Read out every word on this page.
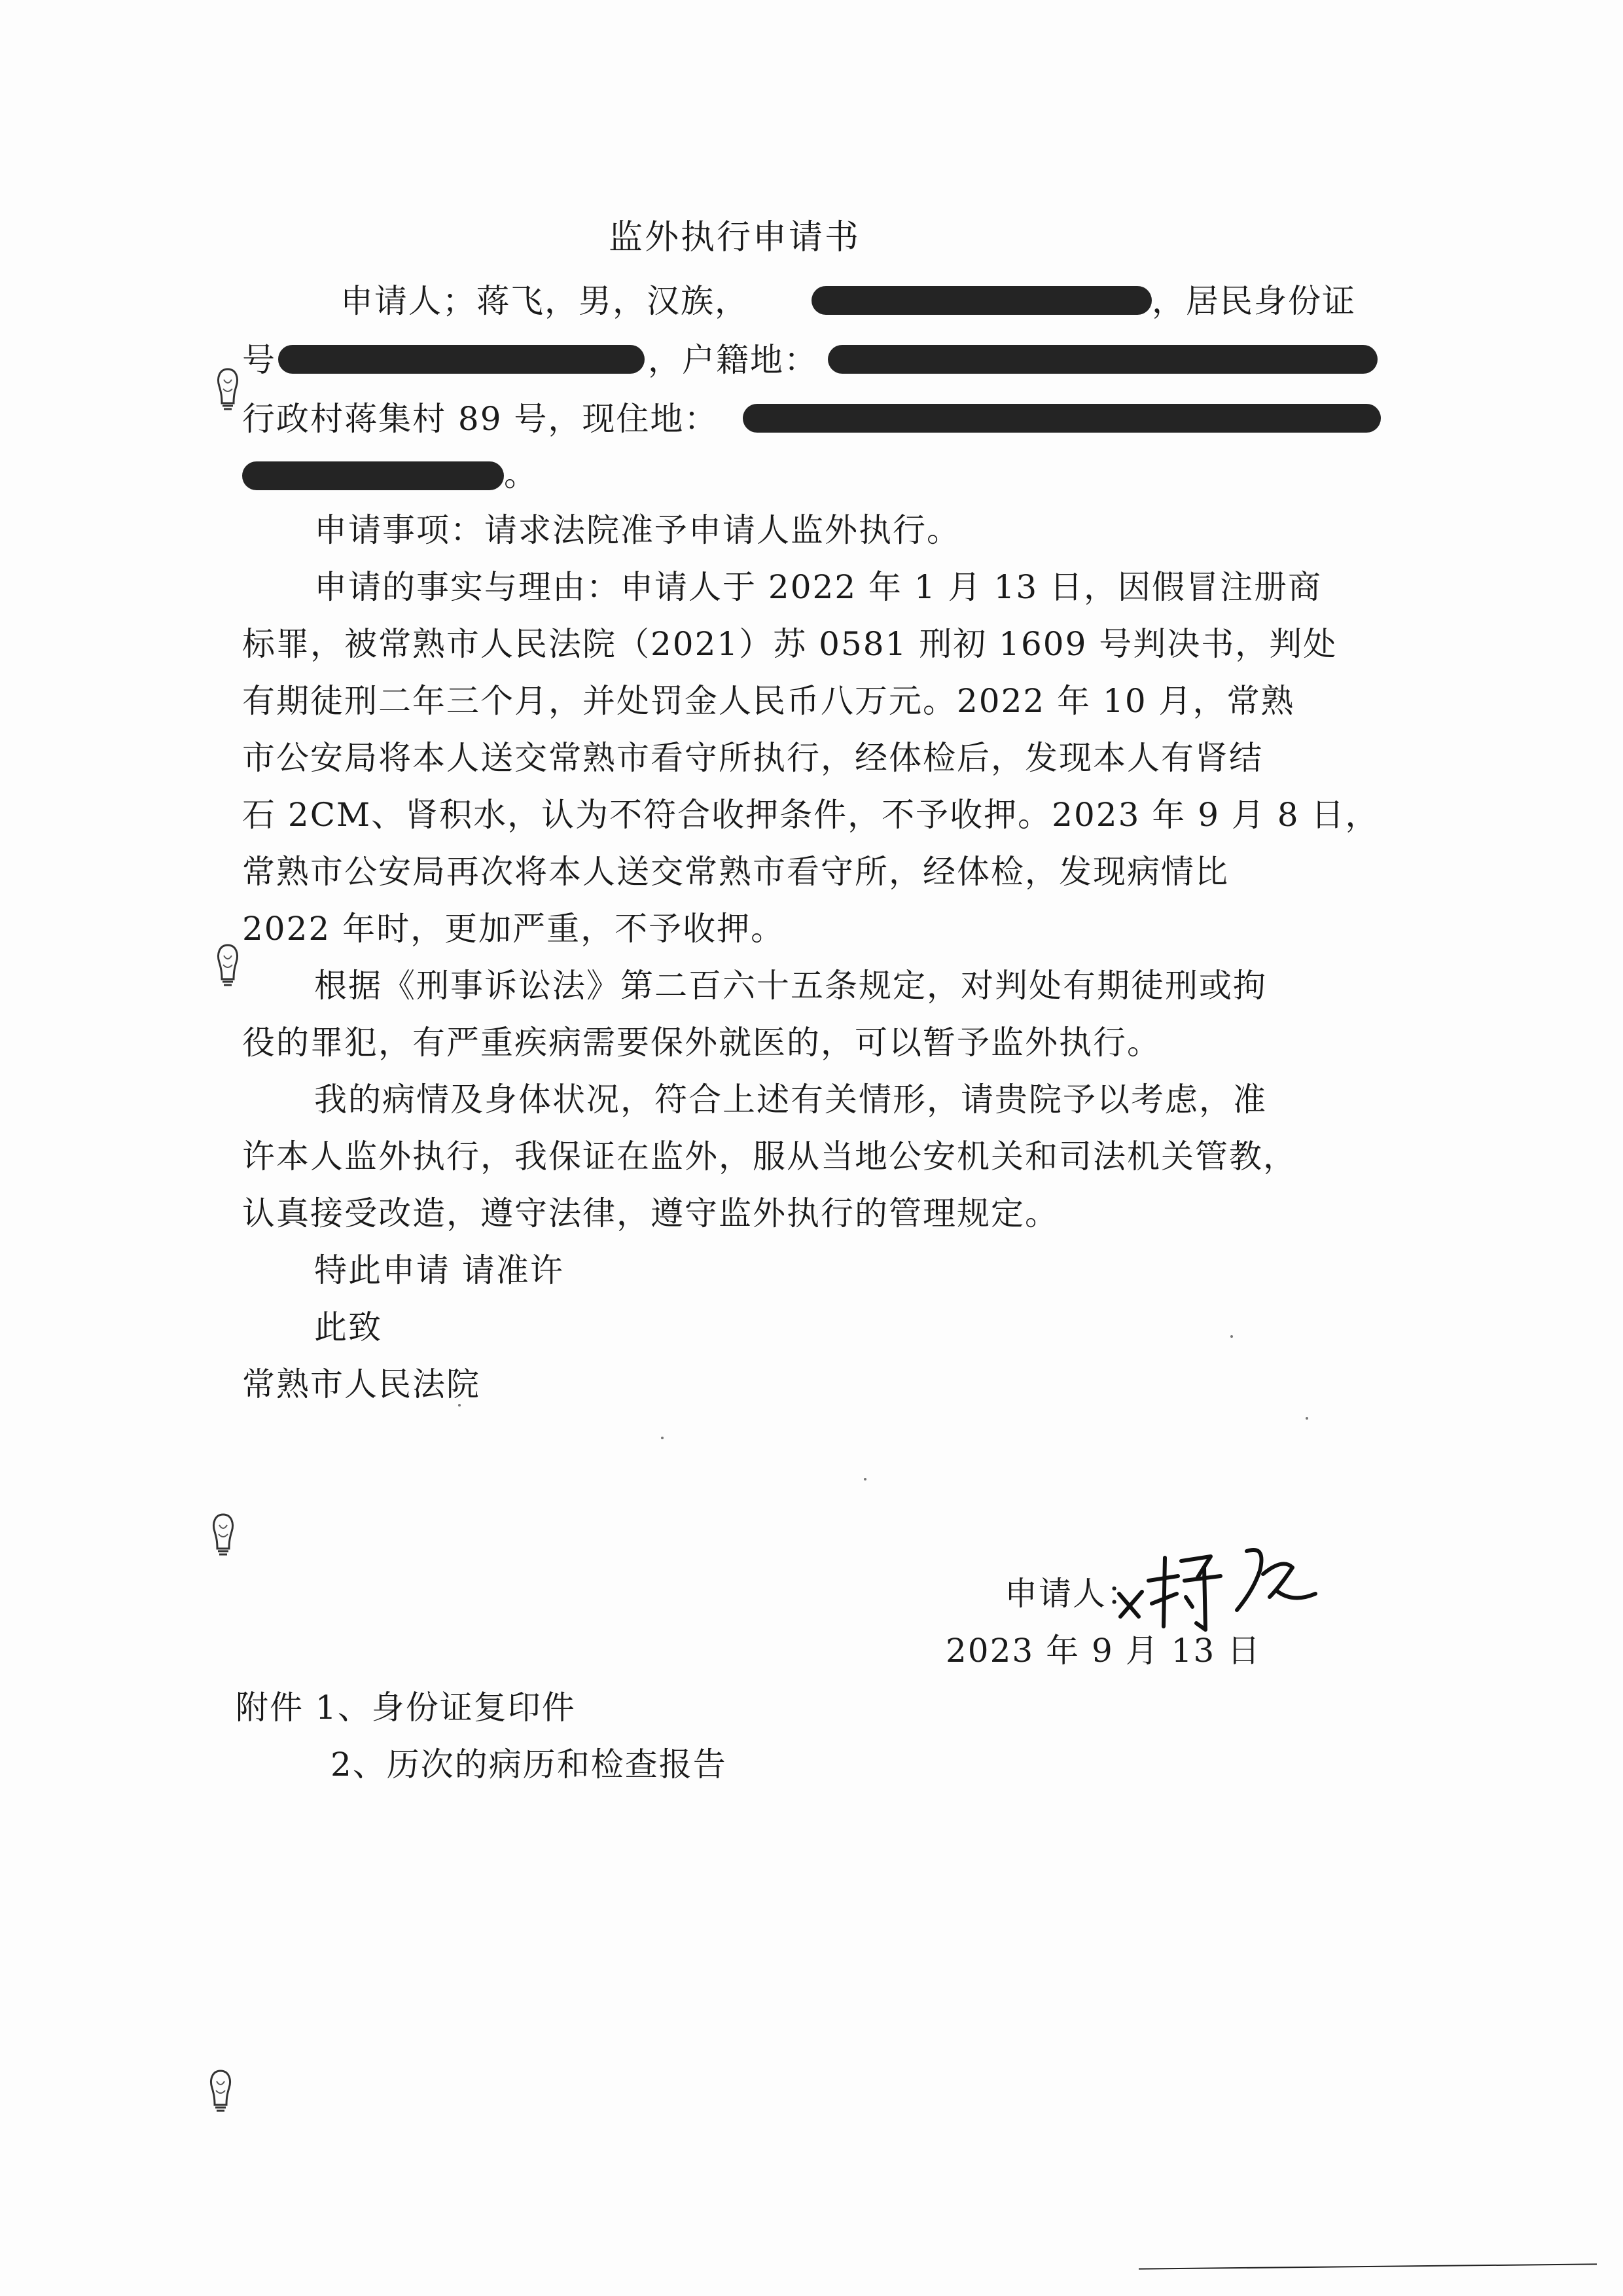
监外执行申请书
申请人；蒋飞，男，汉族，	，居民身份证
号	，户籍地：
行政村蒋集村 89 号，现住地：
。
申请事项：请求法院准予申请人监外执行。
申请的事实与理由：申请人于 2022 年 1 月 13 日，因假冒注册商
标罪，被常熟市人民法院（2021）苏 0581 刑初 1609 号判决书，判处
有期徒刑二年三个月，并处罚金人民币八万元。2022 年 10 月，常熟
市公安局将本人送交常熟市看守所执行，经体检后，发现本人有肾结
石 2CM、肾积水，认为不符合收押条件，不予收押。2023 年 9 月 8 日，
常熟市公安局再次将本人送交常熟市看守所，经体检，发现病情比
2022 年时，更加严重，不予收押。
根据《刑事诉讼法》第二百六十五条规定，对判处有期徒刑或拘
役的罪犯，有严重疾病需要保外就医的，可以暂予监外执行。
我的病情及身体状况，符合上述有关情形，请贵院予以考虑，准
许本人监外执行，我保证在监外，服从当地公安机关和司法机关管教，
认真接受改造，遵守法律，遵守监外执行的管理规定。
特此申请 请准许
此致
常熟市人民法院
申请人：
2023 年 9 月 13 日
附件 1、身份证复印件
2、历次的病历和检查报告
